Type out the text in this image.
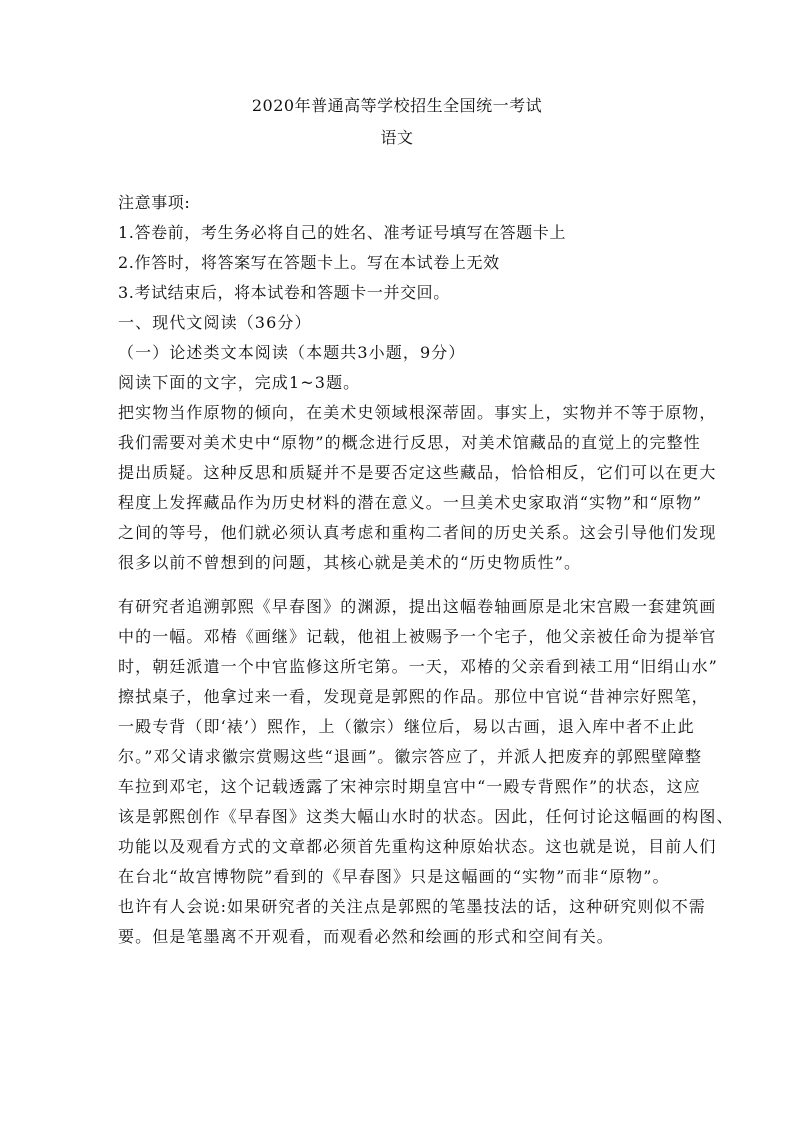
2020年普通高等学校招生全国统一考试
语文
注意事项:
1.答卷前，考生务必将自己的姓名、准考证号填写在答题卡上
2.作答时，将答案写在答题卡上。写在本试卷上无效
3.考试结束后，将本试卷和答题卡一并交回。
一、现代文阅读（36分）
（一）论述类文本阅读（本题共3小题，9分）
阅读下面的文字，完成1~3题。
把实物当作原物的倾向，在美术史领域根深蒂固。事实上，实物并不等于原物，
我们需要对美术史中“原物”的概念进行反思，对美术馆藏品的直觉上的完整性
提出质疑。这种反思和质疑并不是要否定这些藏品，恰恰相反，它们可以在更大
程度上发挥藏品作为历史材料的潜在意义。一旦美术史家取消“实物”和“原物”
之间的等号，他们就必须认真考虑和重构二者间的历史关系。这会引导他们发现
很多以前不曾想到的问题，其核心就是美术的“历史物质性”。
有研究者追溯郭熙《早春图》的渊源，提出这幅卷轴画原是北宋宫殿一套建筑画
中的一幅。邓椿《画继》记载，他祖上被赐予一个宅子，他父亲被任命为提举官
时，朝廷派遣一个中官监修这所宅第。一天，邓椿的父亲看到裱工用“旧绢山水”
擦拭桌子，他拿过来一看，发现竟是郭熙的作品。那位中官说“昔神宗好熙笔，
一殿专背（即‘裱’）熙作，上（徽宗）继位后，易以古画，退入库中者不止此
尔。”邓父请求徽宗赏赐这些“退画”。徽宗答应了，并派人把废弃的郭熙壁障整
车拉到邓宅，这个记载透露了宋神宗时期皇宫中“一殿专背熙作”的状态，这应
该是郭熙创作《早春图》这类大幅山水时的状态。因此，任何讨论这幅画的构图、
功能以及观看方式的文章都必须首先重构这种原始状态。这也就是说，目前人们
在台北“故宫博物院”看到的《早春图》只是这幅画的“实物”而非“原物”。
也许有人会说:如果研究者的关注点是郭熙的笔墨技法的话，这种研究则似不需
要。但是笔墨离不开观看，而观看必然和绘画的形式和空间有关。
